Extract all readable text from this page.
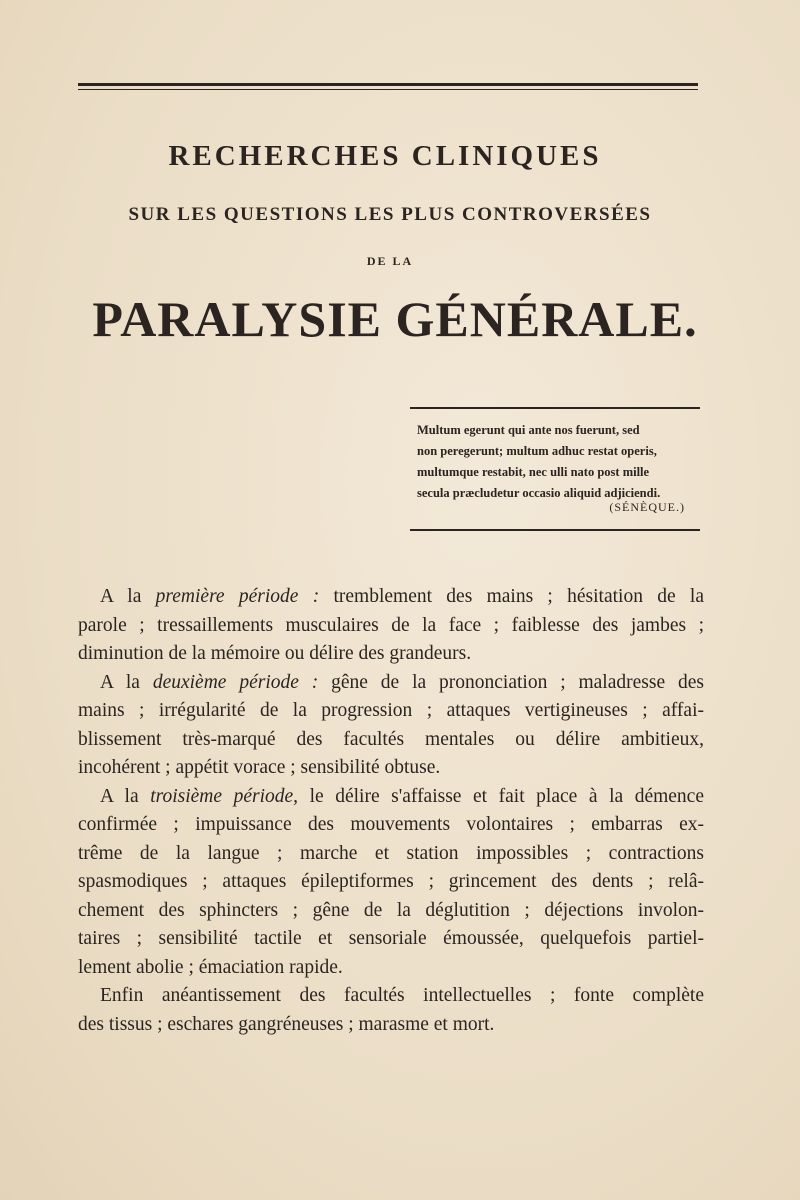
RECHERCHES CLINIQUES
SUR LES QUESTIONS LES PLUS CONTROVERSÉES
DE LA
PARALYSIE GÉNÉRALE.
Multum egerunt qui ante nos fuerunt, sed
non peregerunt; multum adhuc restat operis,
multumque restabit, nec ulli nato post mille
secula præcludetur occasio aliquid adjiciendi.
(SÉNÈQUE.)
A la première période : tremblement des mains ; hésitation de la
parole ; tressaillements musculaires de la face ; faiblesse des jambes ;
diminution de la mémoire ou délire des grandeurs.
A la deuxième période : gêne de la prononciation ; maladresse des
mains ; irrégularité de la progression ; attaques vertigineuses ; affai-
blissement très-marqué des facultés mentales ou délire ambitieux,
incohérent ; appétit vorace ; sensibilité obtuse.
A la troisième période, le délire s'affaisse et fait place à la démence
confirmée ; impuissance des mouvements volontaires ; embarras ex-
trême de la langue ; marche et station impossibles ; contractions
spasmodiques ; attaques épileptiformes ; grincement des dents ; relâ-
chement des sphincters ; gêne de la déglutition ; déjections involon-
taires ; sensibilité tactile et sensoriale émoussée, quelquefois partiel-
lement abolie ; émaciation rapide.
Enfin anéantissement des facultés intellectuelles ; fonte complète
des tissus ; eschares gangréneuses ; marasme et mort.
